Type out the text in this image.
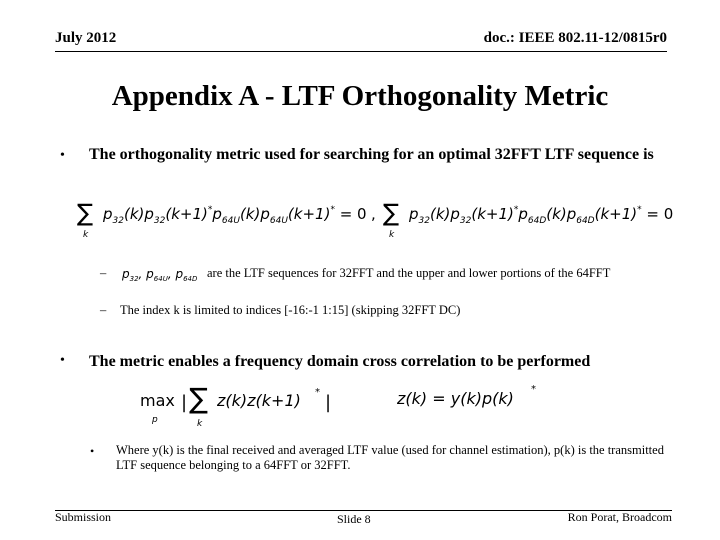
July 2012	doc.: IEEE 802.11-12/0815r0
Appendix A - LTF Orthogonality Metric
• The orthogonality metric used for searching for an optimal 32FFT LTF sequence is
∑
k
$p_{32}(k)p_{32}(k+1)^*p_{64U}(k)p_{64U}(k+1)^* = 0$ , ∑
k
$p_{32}(k)p_{32}(k+1)^*p_{64D}(k)p_{64D}(k+1)^* = 0$
– $p_{32}$, $p_{64U}$, $p_{64D}$ are the LTF sequences for 32FFT and the upper and lower portions of the 64FFT
– The index k is limited to indices [-16:-1 1:15] (skipping 32FFT DC)
• The metric enables a frequency domain cross correlation to be performed
max
p
| ∑
k
z(k)z(k+1) * |	z(k) = y(k)p(k) *
• Where y(k) is the final received and averaged LTF value (used for channel estimation), p(k) is the transmitted LTF sequence belonging to a 64FFT or 32FFT.
Submission	Slide 8	Ron Porat, Broadcom
